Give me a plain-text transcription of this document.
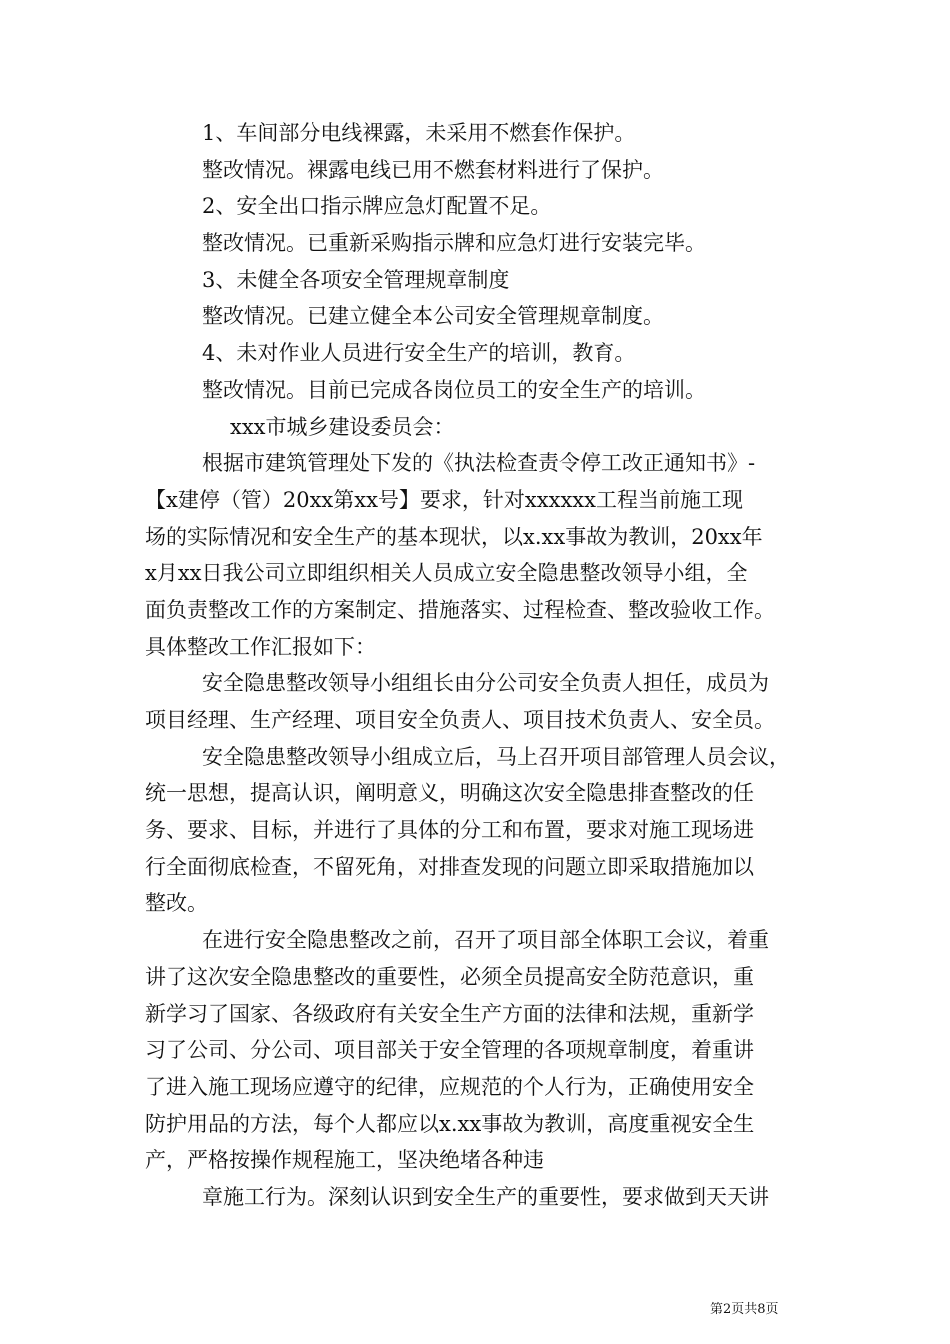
1、车间部分电线裸露，未采用不燃套作保护。

整改情况。裸露电线已用不燃套材料进行了保护。

2、安全出口指示牌应急灯配置不足。

整改情况。已重新采购指示牌和应急灯进行安装完毕。

3、未健全各项安全管理规章制度

整改情况。已建立健全本公司安全管理规章制度。

4、未对作业人员进行安全生产的培训，教育。

整改情况。目前已完成各岗位员工的安全生产的培训。

xxx市城乡建设委员会：

根据市建筑管理处下发的《执法检查责令停工改正通知书》-

【x建停（管）20xx第xx号】要求，针对xxxxxx工程当前施工现

场的实际情况和安全生产的基本现状，以x.xx事故为教训，20xx年

x月xx日我公司立即组织相关人员成立安全隐患整改领导小组，全

面负责整改工作的方案制定、措施落实、过程检查、整改验收工作。

具体整改工作汇报如下：

安全隐患整改领导小组组长由分公司安全负责人担任，成员为

项目经理、生产经理、项目安全负责人、项目技术负责人、安全员。

安全隐患整改领导小组成立后，马上召开项目部管理人员会议，

统一思想，提高认识，阐明意义，明确这次安全隐患排查整改的任

务、要求、目标，并进行了具体的分工和布置，要求对施工现场进

行全面彻底检查，不留死角，对排查发现的问题立即采取措施加以

整改。

在进行安全隐患整改之前，召开了项目部全体职工会议，着重

讲了这次安全隐患整改的重要性，必须全员提高安全防范意识，重

新学习了国家、各级政府有关安全生产方面的法律和法规，重新学

习了公司、分公司、项目部关于安全管理的各项规章制度，着重讲

了进入施工现场应遵守的纪律，应规范的个人行为，正确使用安全

防护用品的方法，每个人都应以x.xx事故为教训，高度重视安全生

产，严格按操作规程施工，坚决绝堵各种违

章施工行为。深刻认识到安全生产的重要性，要求做到天天讲

第2页共8页
